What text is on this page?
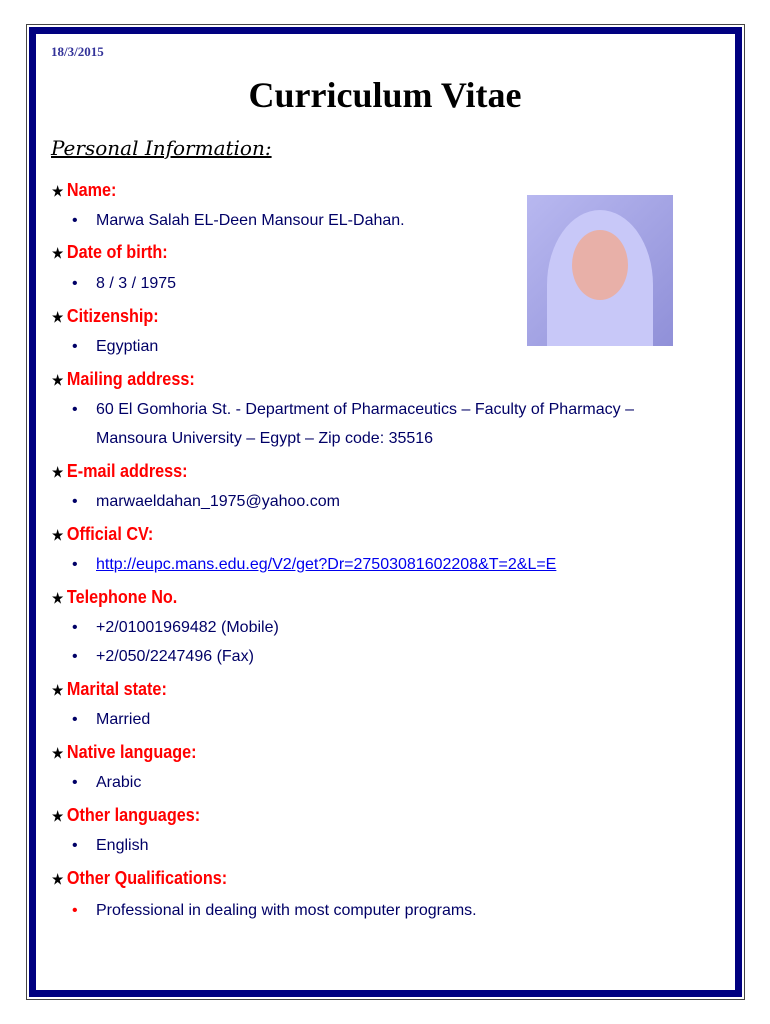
18/3/2015
Curriculum Vitae
Personal Information:
★ Name:
• Marwa Salah EL-Deen Mansour EL-Dahan.
★ Date of birth:
• 8 / 3 / 1975
★ Citizenship:
• Egyptian
★ Mailing address:
• 60 El Gomhoria St. - Department of Pharmaceutics – Faculty of Pharmacy –
Mansoura University – Egypt – Zip code: 35516
★ E-mail address:
• marwaeldahan_1975@yahoo.com
★ Official CV:
• http://eupc.mans.edu.eg/V2/get?Dr=27503081602208&T=2&L=E
★ Telephone No.
• +2/01001969482 (Mobile)
• +2/050/2247496 (Fax)
★ Marital state:
• Married
★ Native language:
• Arabic
★ Other languages:
• English
★ Other Qualifications:
• Professional in dealing with most computer programs.
